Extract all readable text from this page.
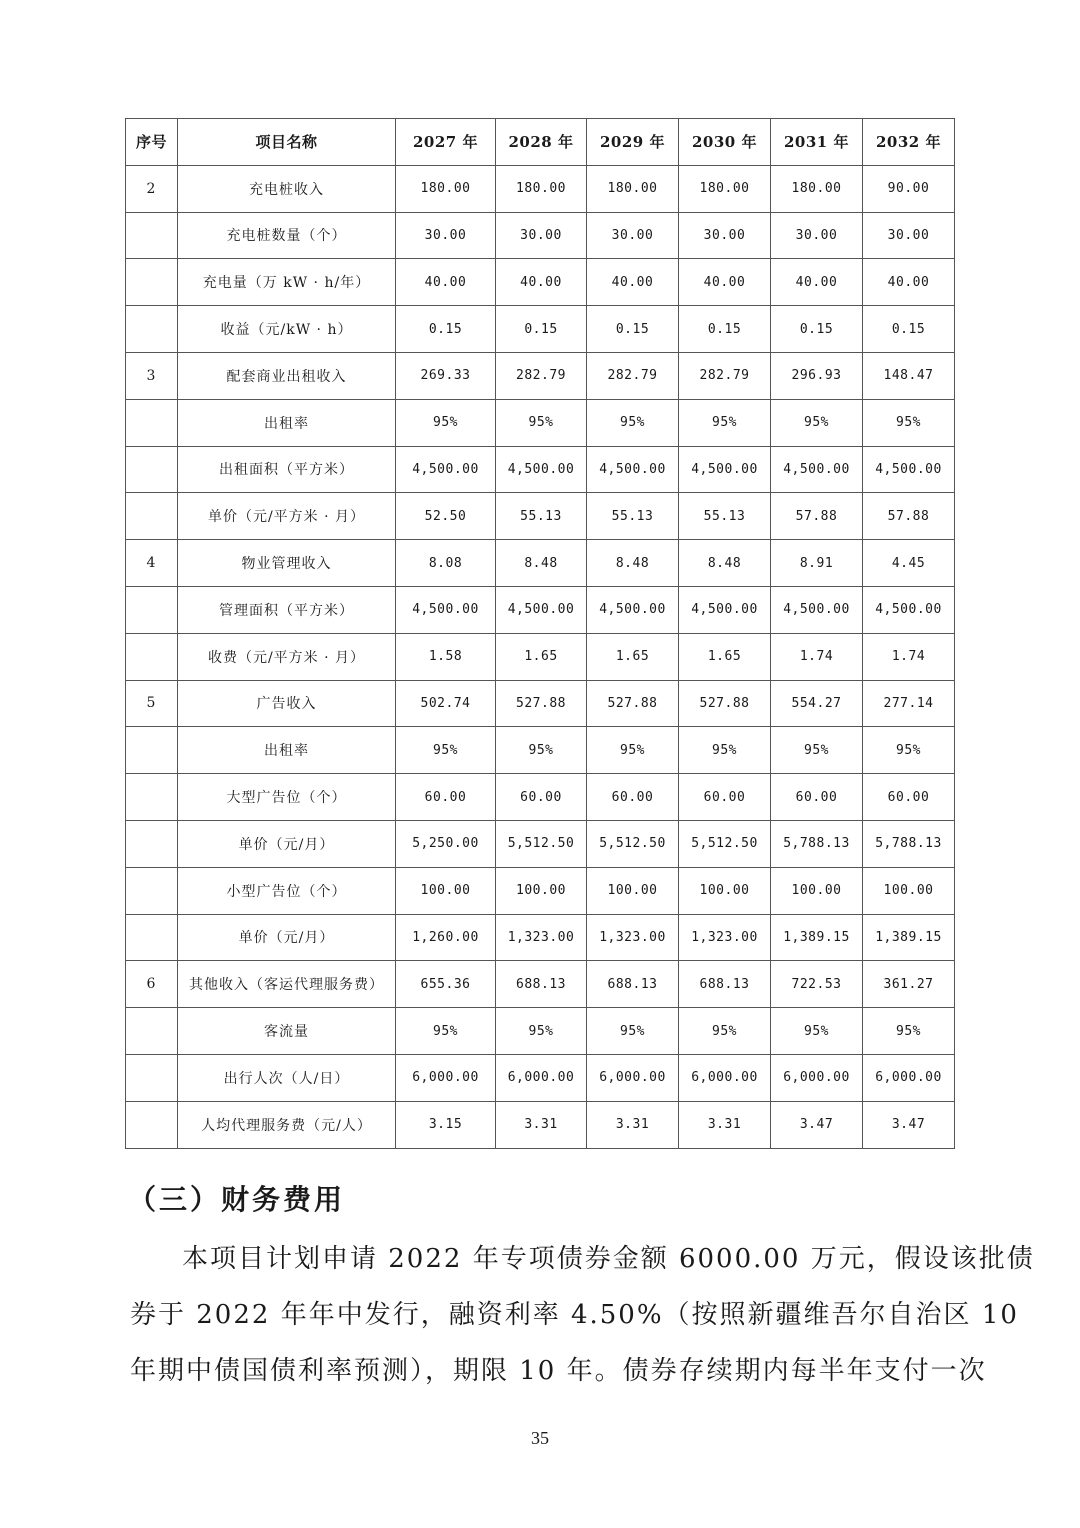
序号	项目名称	2027 年	2028 年	2029 年	2030 年	2031 年	2032 年
2	充电桩收入	180.00	180.00	180.00	180.00	180.00	90.00
	充电桩数量（个）	30.00	30.00	30.00	30.00	30.00	30.00
	充电量（万 kW · h/年）	40.00	40.00	40.00	40.00	40.00	40.00
	收益（元/kW · h）	0.15	0.15	0.15	0.15	0.15	0.15
3	配套商业出租收入	269.33	282.79	282.79	282.79	296.93	148.47
	出租率	95%	95%	95%	95%	95%	95%
	出租面积（平方米）	4,500.00	4,500.00	4,500.00	4,500.00	4,500.00	4,500.00
	单价（元/平方米 · 月）	52.50	55.13	55.13	55.13	57.88	57.88
4	物业管理收入	8.08	8.48	8.48	8.48	8.91	4.45
	管理面积（平方米）	4,500.00	4,500.00	4,500.00	4,500.00	4,500.00	4,500.00
	收费（元/平方米 · 月）	1.58	1.65	1.65	1.65	1.74	1.74
5	广告收入	502.74	527.88	527.88	527.88	554.27	277.14
	出租率	95%	95%	95%	95%	95%	95%
	大型广告位（个）	60.00	60.00	60.00	60.00	60.00	60.00
	单价（元/月）	5,250.00	5,512.50	5,512.50	5,512.50	5,788.13	5,788.13
	小型广告位（个）	100.00	100.00	100.00	100.00	100.00	100.00
	单价（元/月）	1,260.00	1,323.00	1,323.00	1,323.00	1,389.15	1,389.15
6	其他收入（客运代理服务费）	655.36	688.13	688.13	688.13	722.53	361.27
	客流量	95%	95%	95%	95%	95%	95%
	出行人次（人/日）	6,000.00	6,000.00	6,000.00	6,000.00	6,000.00	6,000.00
	人均代理服务费（元/人）	3.15	3.31	3.31	3.31	3.47	3.47
（三）财务费用
本项目计划申请 2022 年专项债券金额 6000.00 万元，假设该批债
券于 2022 年年中发行，融资利率 4.50%（按照新疆维吾尔自治区 10
年期中债国债利率预测），期限 10 年。债券存续期内每半年支付一次
35
